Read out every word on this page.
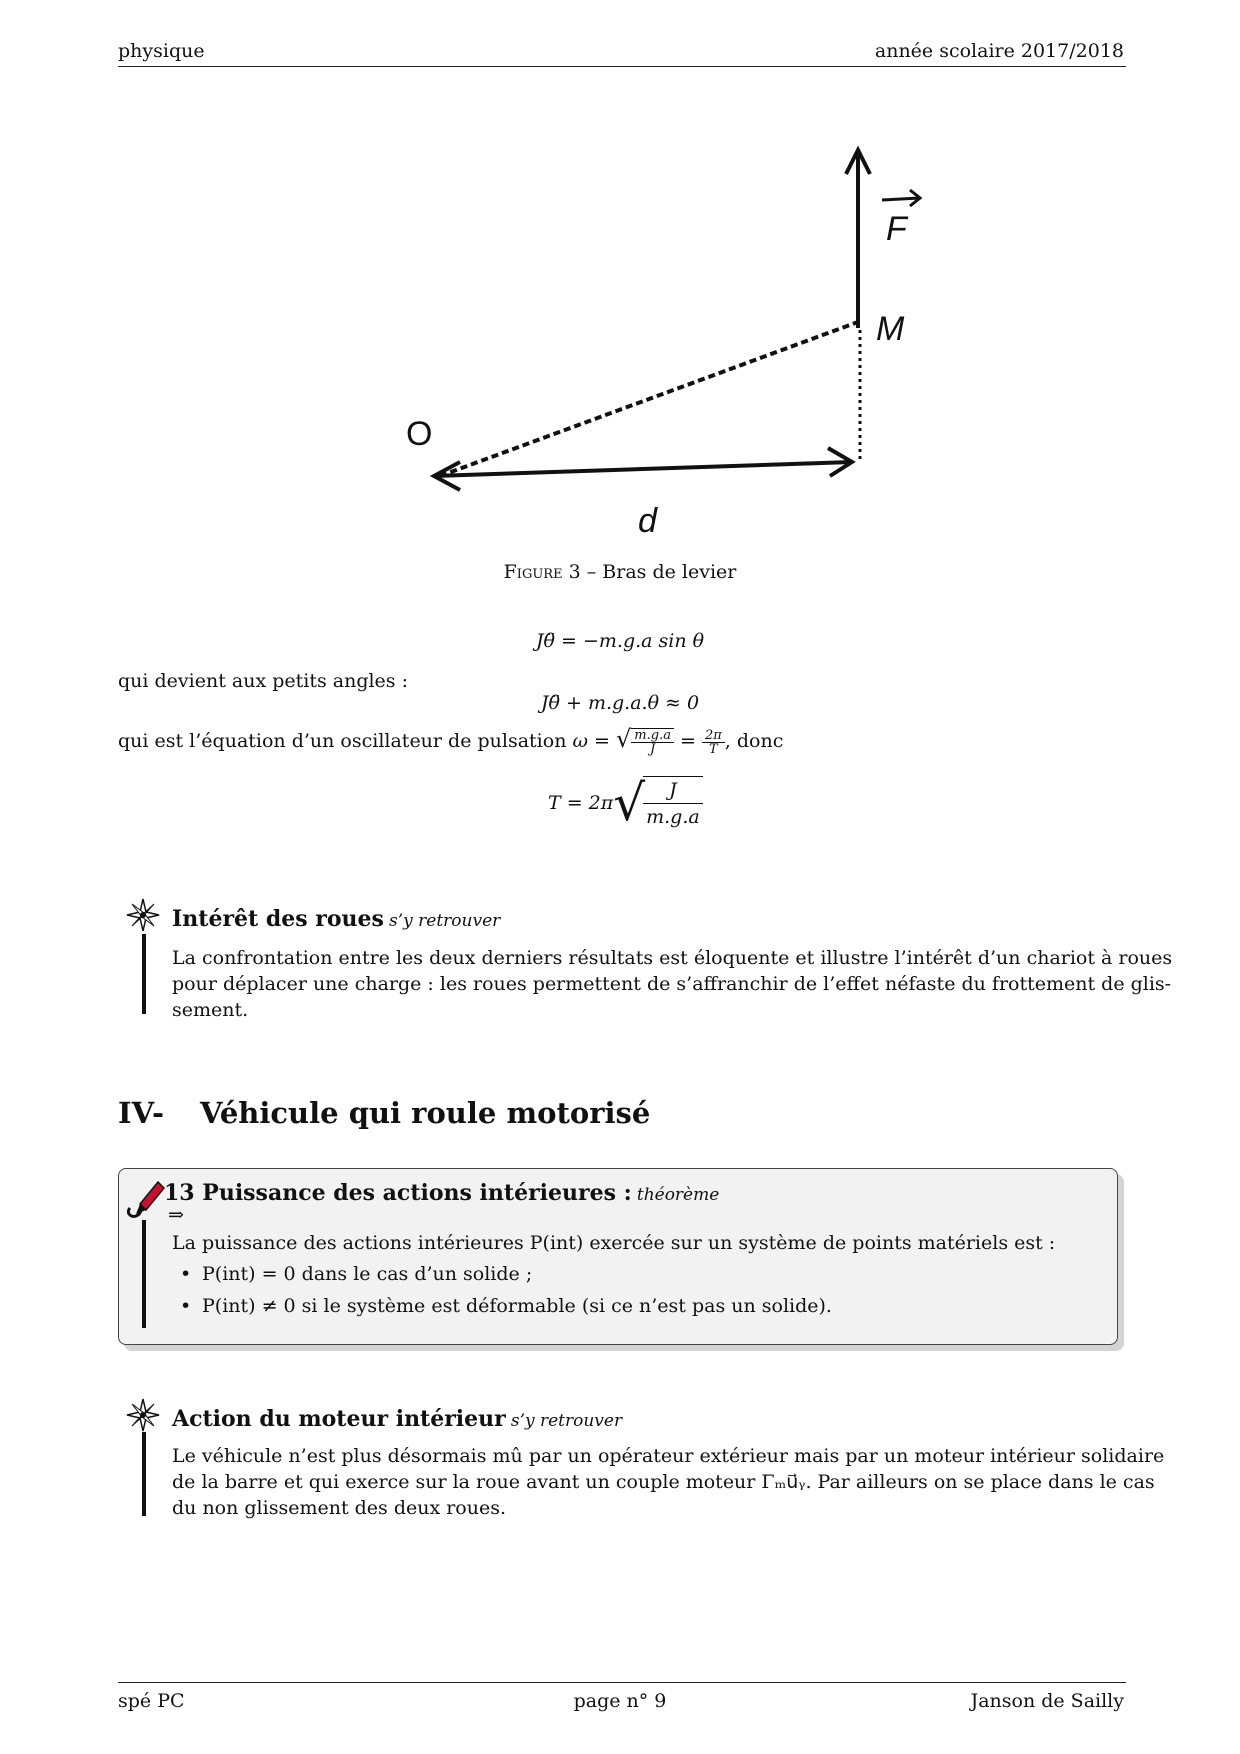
physique	année scolaire 2017/2018
F
M
O
d
Figure 3 – Bras de levier
Jθ̈ = −m.g.a sin θ
qui devient aux petits angles :
Jθ̈ + m.g.a.θ ≈ 0
qui est l’équation d’un oscillateur de pulsation ω = √ $\frac{m.g.a}{J} = \frac{2\pi}{T}$ , donc
T = 2π√
$\frac{J}{m.g.a}$
Intérêt des roues s’y retrouver
La confrontation entre les deux derniers résultats est éloquente et illustre l’intérêt d’un chariot à roues
pour déplacer une charge : les roues permettent de s’affranchir de l’effet néfaste du frottement de glis-
sement.
IV- Véhicule qui roule motorisé
13 Puissance des actions intérieures : théorème
⇒
La puissance des actions intérieures P(int) exercée sur un système de points matériels est :
• P(int) = 0 dans le cas d’un solide ;
• P(int) ≠ 0 si le système est déformable (si ce n’est pas un solide).
Action du moteur intérieur s’y retrouver
Le véhicule n’est plus désormais mû par un opérateur extérieur mais par un moteur intérieur solidaire
de la barre et qui exerce sur la roue avant un couple moteur Γₘu⃗ᵧ. Par ailleurs on se place dans le cas
du non glissement des deux roues.
spé PC	page n° 9	Janson de Sailly
